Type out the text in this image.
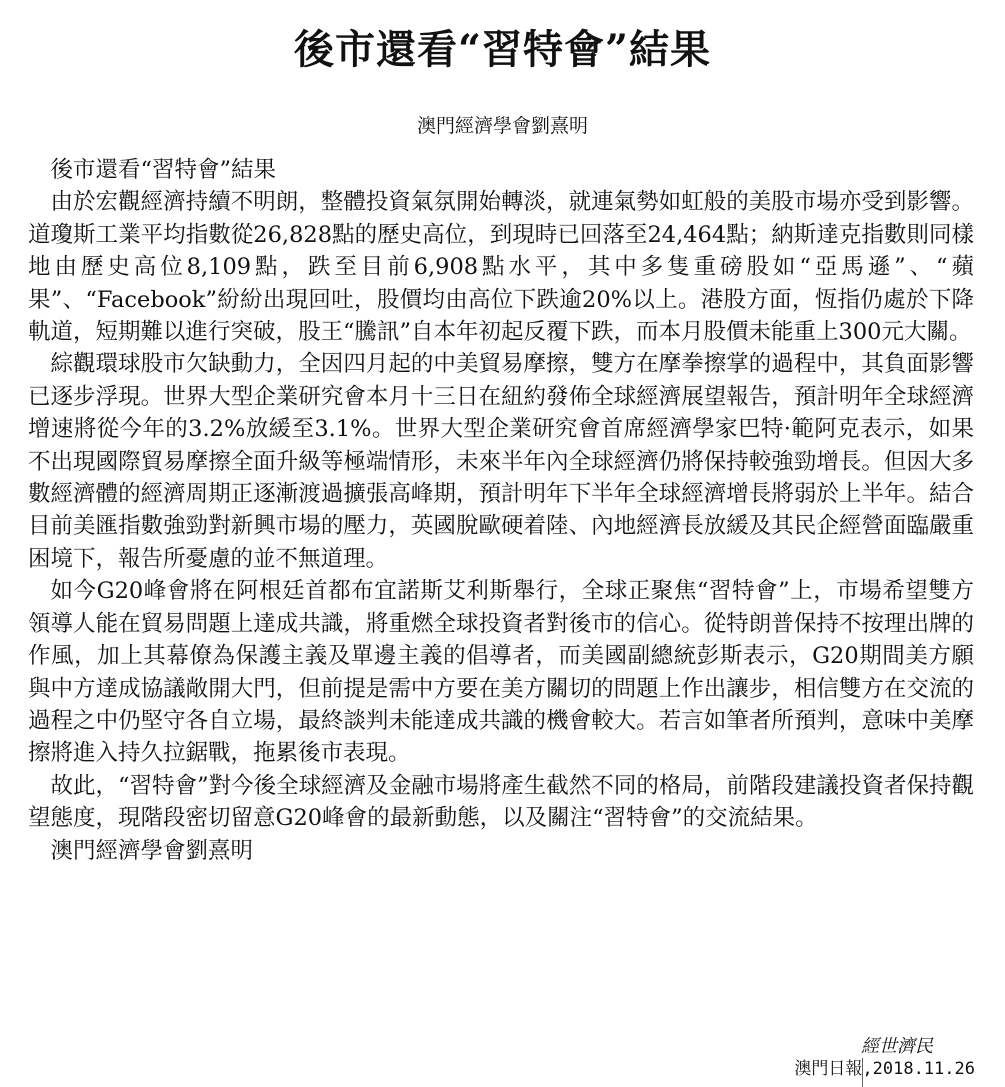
後市還看“習特會”結果
澳門經濟學會劉熹明

後市還看“習特會”結果

由於宏觀經濟持續不明朗，整體投資氣氛開始轉淡，就連氣勢如虹般的美股市場亦受到影響。道瓊斯工業平均指數從26,828點的歷史高位，到現時已回落至24,464點；納斯達克指數則同樣地由歷史高位8,109點，跌至目前6,908點水平，其中多隻重磅股如“亞馬遜”、“蘋果”、“Facebook”紛紛出現回吐，股價均由高位下跌逾20%以上。港股方面，恆指仍處於下降軌道，短期難以進行突破，股王“騰訊”自本年初起反覆下跌，而本月股價未能重上300元大關。

綜觀環球股市欠缺動力，全因四月起的中美貿易摩擦，雙方在摩拳擦掌的過程中，其負面影響已逐步浮現。世界大型企業研究會本月十三日在紐約發佈全球經濟展望報告，預計明年全球經濟增速將從今年的3.2%放緩至3.1%。世界大型企業研究會首席經濟學家巴特·範阿克表示，如果不出現國際貿易摩擦全面升級等極端情形，未來半年內全球經濟仍將保持較強勁增長。但因大多數經濟體的經濟周期正逐漸渡過擴張高峰期，預計明年下半年全球經濟增長將弱於上半年。結合目前美匯指數強勁對新興市場的壓力，英國脫歐硬着陸、內地經濟長放緩及其民企經營面臨嚴重困境下，報告所憂慮的並不無道理。

如今G20峰會將在阿根廷首都布宜諾斯艾利斯舉行，全球正聚焦“習特會”上，市場希望雙方領導人能在貿易問題上達成共識，將重燃全球投資者對後市的信心。從特朗普保持不按理出牌的作風，加上其幕僚為保護主義及單邊主義的倡導者，而美國副總統彭斯表示，G20期間美方願與中方達成協議敞開大門，但前提是需中方要在美方關切的問題上作出讓步，相信雙方在交流的過程之中仍堅守各自立場，最終談判未能達成共識的機會較大。若言如筆者所預判，意味中美摩擦將進入持久拉鋸戰，拖累後市表現。

故此，“習特會”對今後全球經濟及金融市場將產生截然不同的格局，前階段建議投資者保持觀望態度，現階段密切留意G20峰會的最新動態，以及關注“習特會”的交流結果。

澳門經濟學會劉熹明

經世濟民
澳門日報,2018.11.26
